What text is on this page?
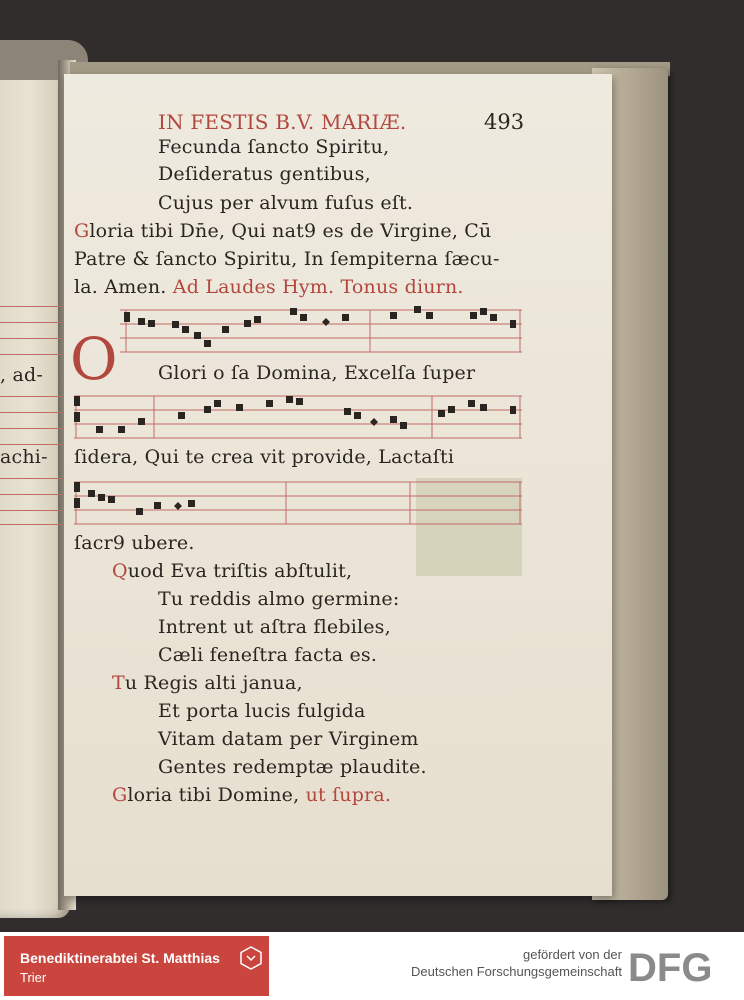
, ad-
achi-
IN FESTIS B.V. MARIÆ.	493
Fecunda ſancto Spiritu,
Deſideratus gentibus,
Cujus per alvum fuſus eſt.
Gloria tibi Dn̄e, Qui nat9 es de Virgine, Cū
Patre & ſancto Spiritu, In ſempiterna ſæcu-
la. Amen. Ad Laudes Hym. Tonus diurn.
O Glori o ſa Domina, Excelſa ſuper
ſidera, Qui te crea vit provide, Lactaſti
ſacr9 ubere.
Quod Eva triſtis abſtulit,
Tu reddis almo germine:
Intrent ut aſtra flebiles,
Cæli feneſtra facta es.
Tu Regis alti janua,
Et porta lucis fulgida
Vitam datam per Virginem
Gentes redemptæ plaudite.
Gloria tibi Domine, ut ſupra.
Benediktinerabtei St. Matthias
Trier
gefördert von der
Deutschen Forschungsgemeinschaft DFG
